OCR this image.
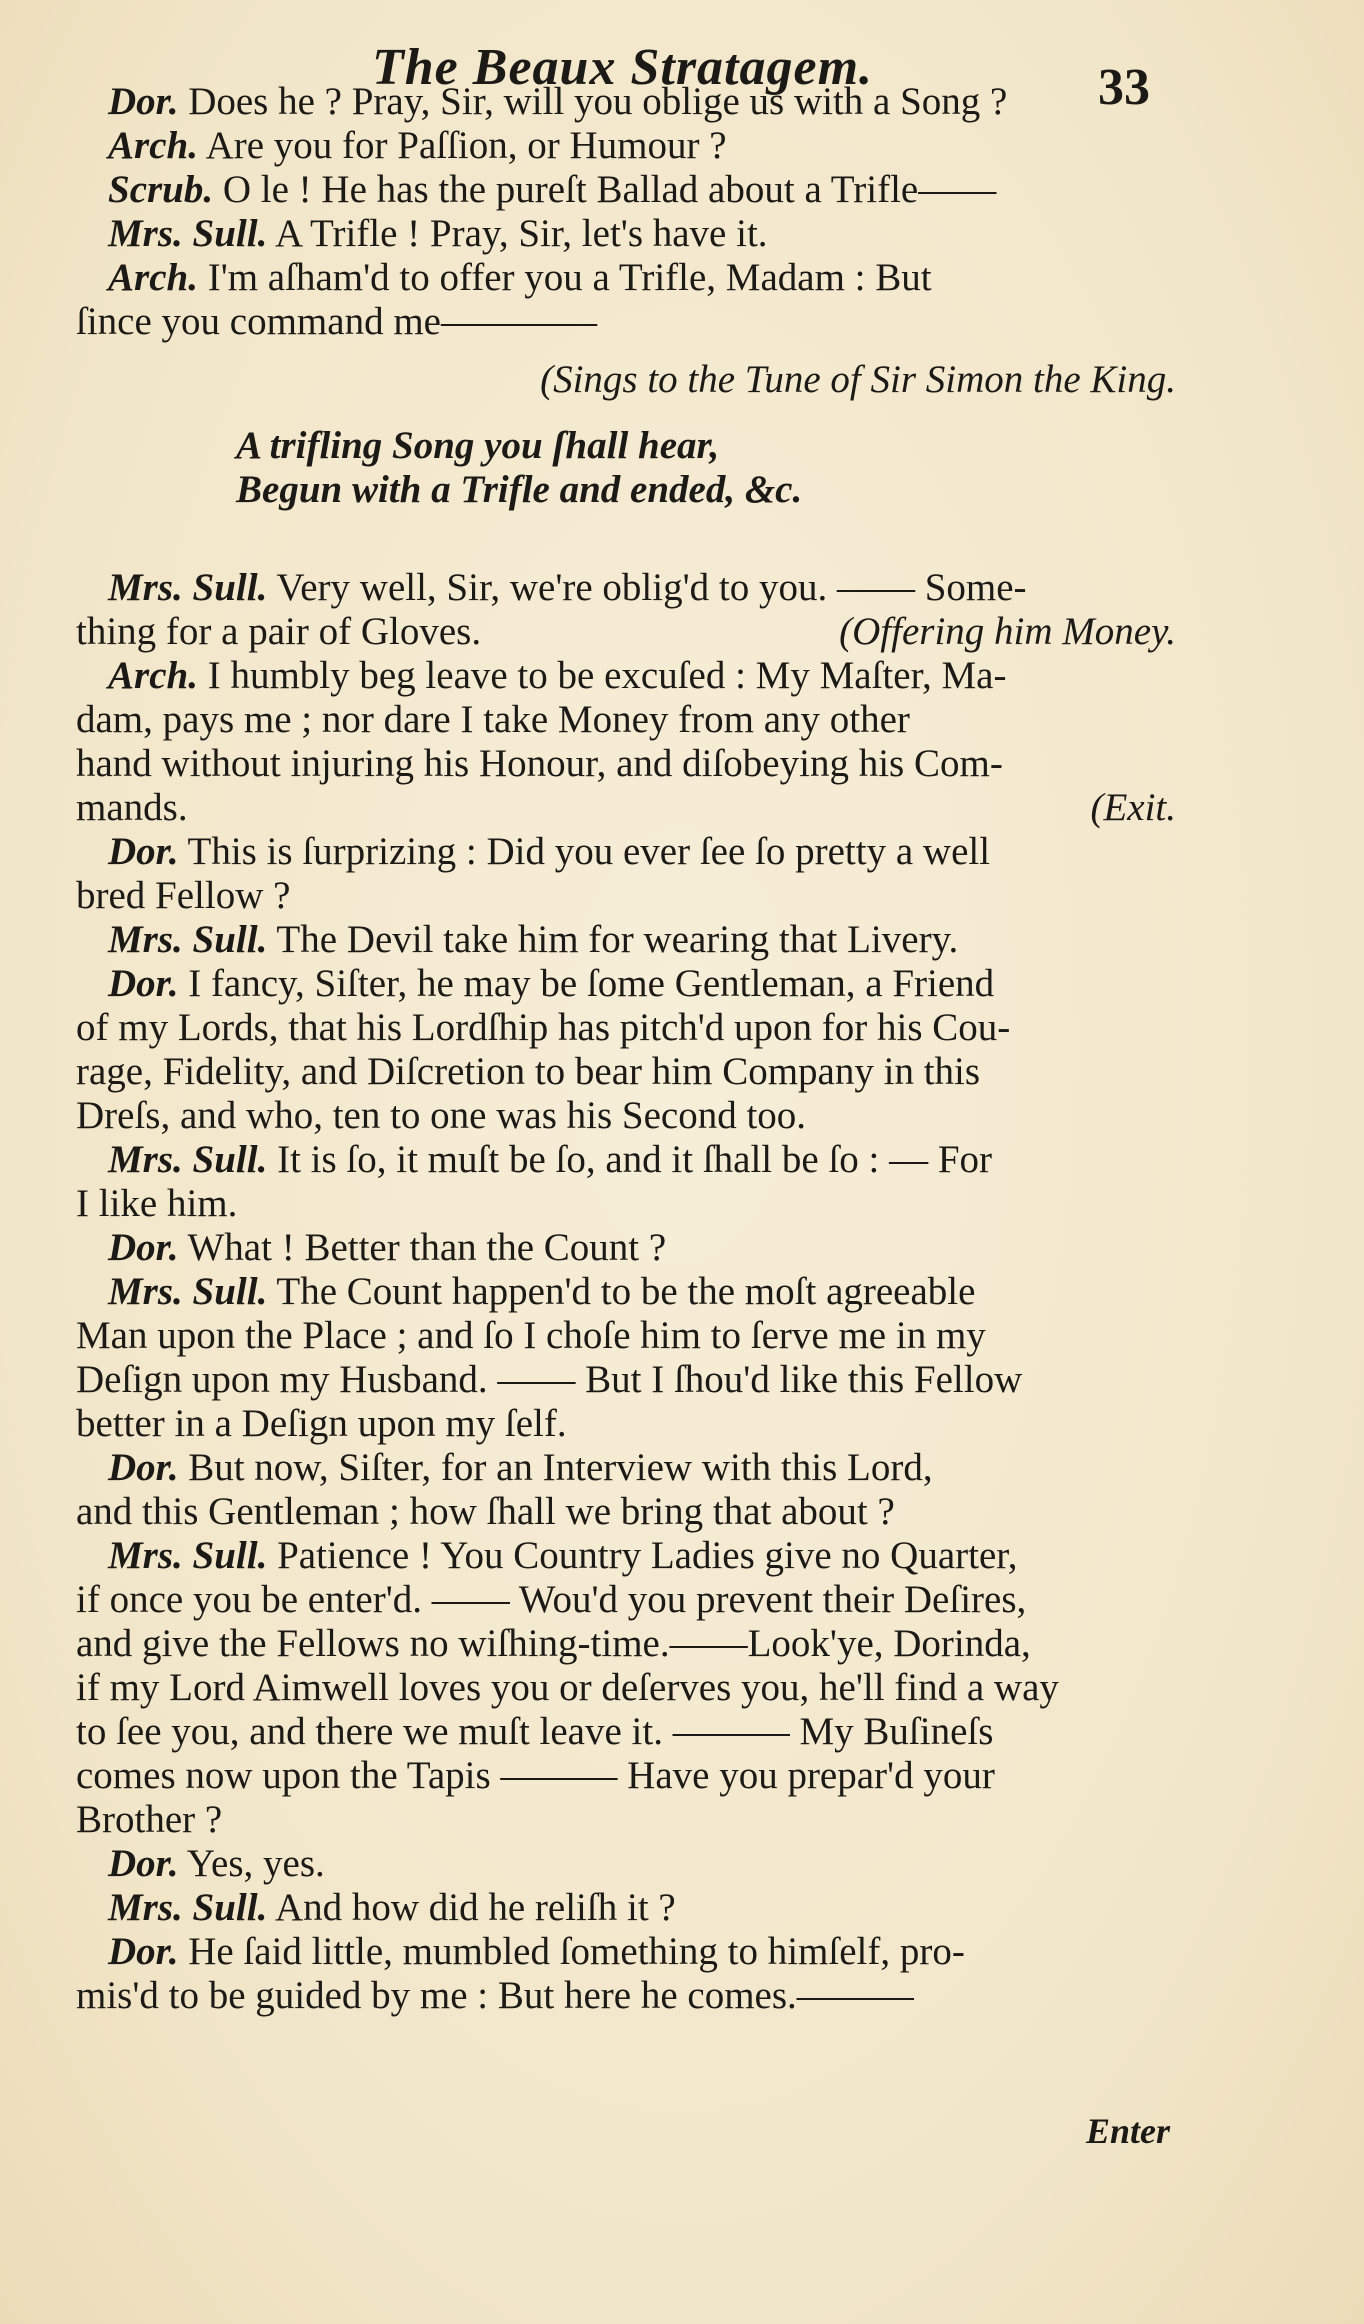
The Beaux Stratagem.	33
Dor. Does he ? Pray, Sir, will you oblige us with a Song ?
Arch. Are you for Paſſion, or Humour ?
Scrub. O le ! He has the pureſt Ballad about a Trifle——
Mrs. Sull. A Trifle ! Pray, Sir, let's have it.
Arch. I'm aſham'd to offer you a Trifle, Madam : But
ſince you command me————
(Sings to the Tune of Sir Simon the King.
A trifling Song you ſhall hear,
Begun with a Trifle and ended, &c.
Mrs. Sull. Very well, Sir, we're oblig'd to you. —— Some-
thing for a pair of Gloves.	(Offering him Money.
Arch. I humbly beg leave to be excuſed : My Maſter, Ma-
dam, pays me ; nor dare I take Money from any other
hand without injuring his Honour, and diſobeying his Com-
mands.	(Exit.
Dor. This is ſurprizing : Did you ever ſee ſo pretty a well
bred Fellow ?
Mrs. Sull. The Devil take him for wearing that Livery.
Dor. I fancy, Siſter, he may be ſome Gentleman, a Friend
of my Lords, that his Lordſhip has pitch'd upon for his Cou-
rage, Fidelity, and Diſcretion to bear him Company in this
Dreſs, and who, ten to one was his Second too.
Mrs. Sull. It is ſo, it muſt be ſo, and it ſhall be ſo : — For
I like him.
Dor. What ! Better than the Count ?
Mrs. Sull. The Count happen'd to be the moſt agreeable
Man upon the Place ; and ſo I choſe him to ſerve me in my
Deſign upon my Husband. —— But I ſhou'd like this Fellow
better in a Deſign upon my ſelf.
Dor. But now, Siſter, for an Interview with this Lord,
and this Gentleman ; how ſhall we bring that about ?
Mrs. Sull. Patience ! You Country Ladies give no Quarter,
if once you be enter'd. —— Wou'd you prevent their Deſires,
and give the Fellows no wiſhing-time.——Look'ye, Dorinda,
if my Lord Aimwell loves you or deſerves you, he'll find a way
to ſee you, and there we muſt leave it. ——— My Buſineſs
comes now upon the Tapis ——— Have you prepar'd your
Brother ?
Dor. Yes, yes.
Mrs. Sull. And how did he reliſh it ?
Dor. He ſaid little, mumbled ſomething to himſelf, pro-
mis'd to be guided by me : But here he comes.———
Enter
